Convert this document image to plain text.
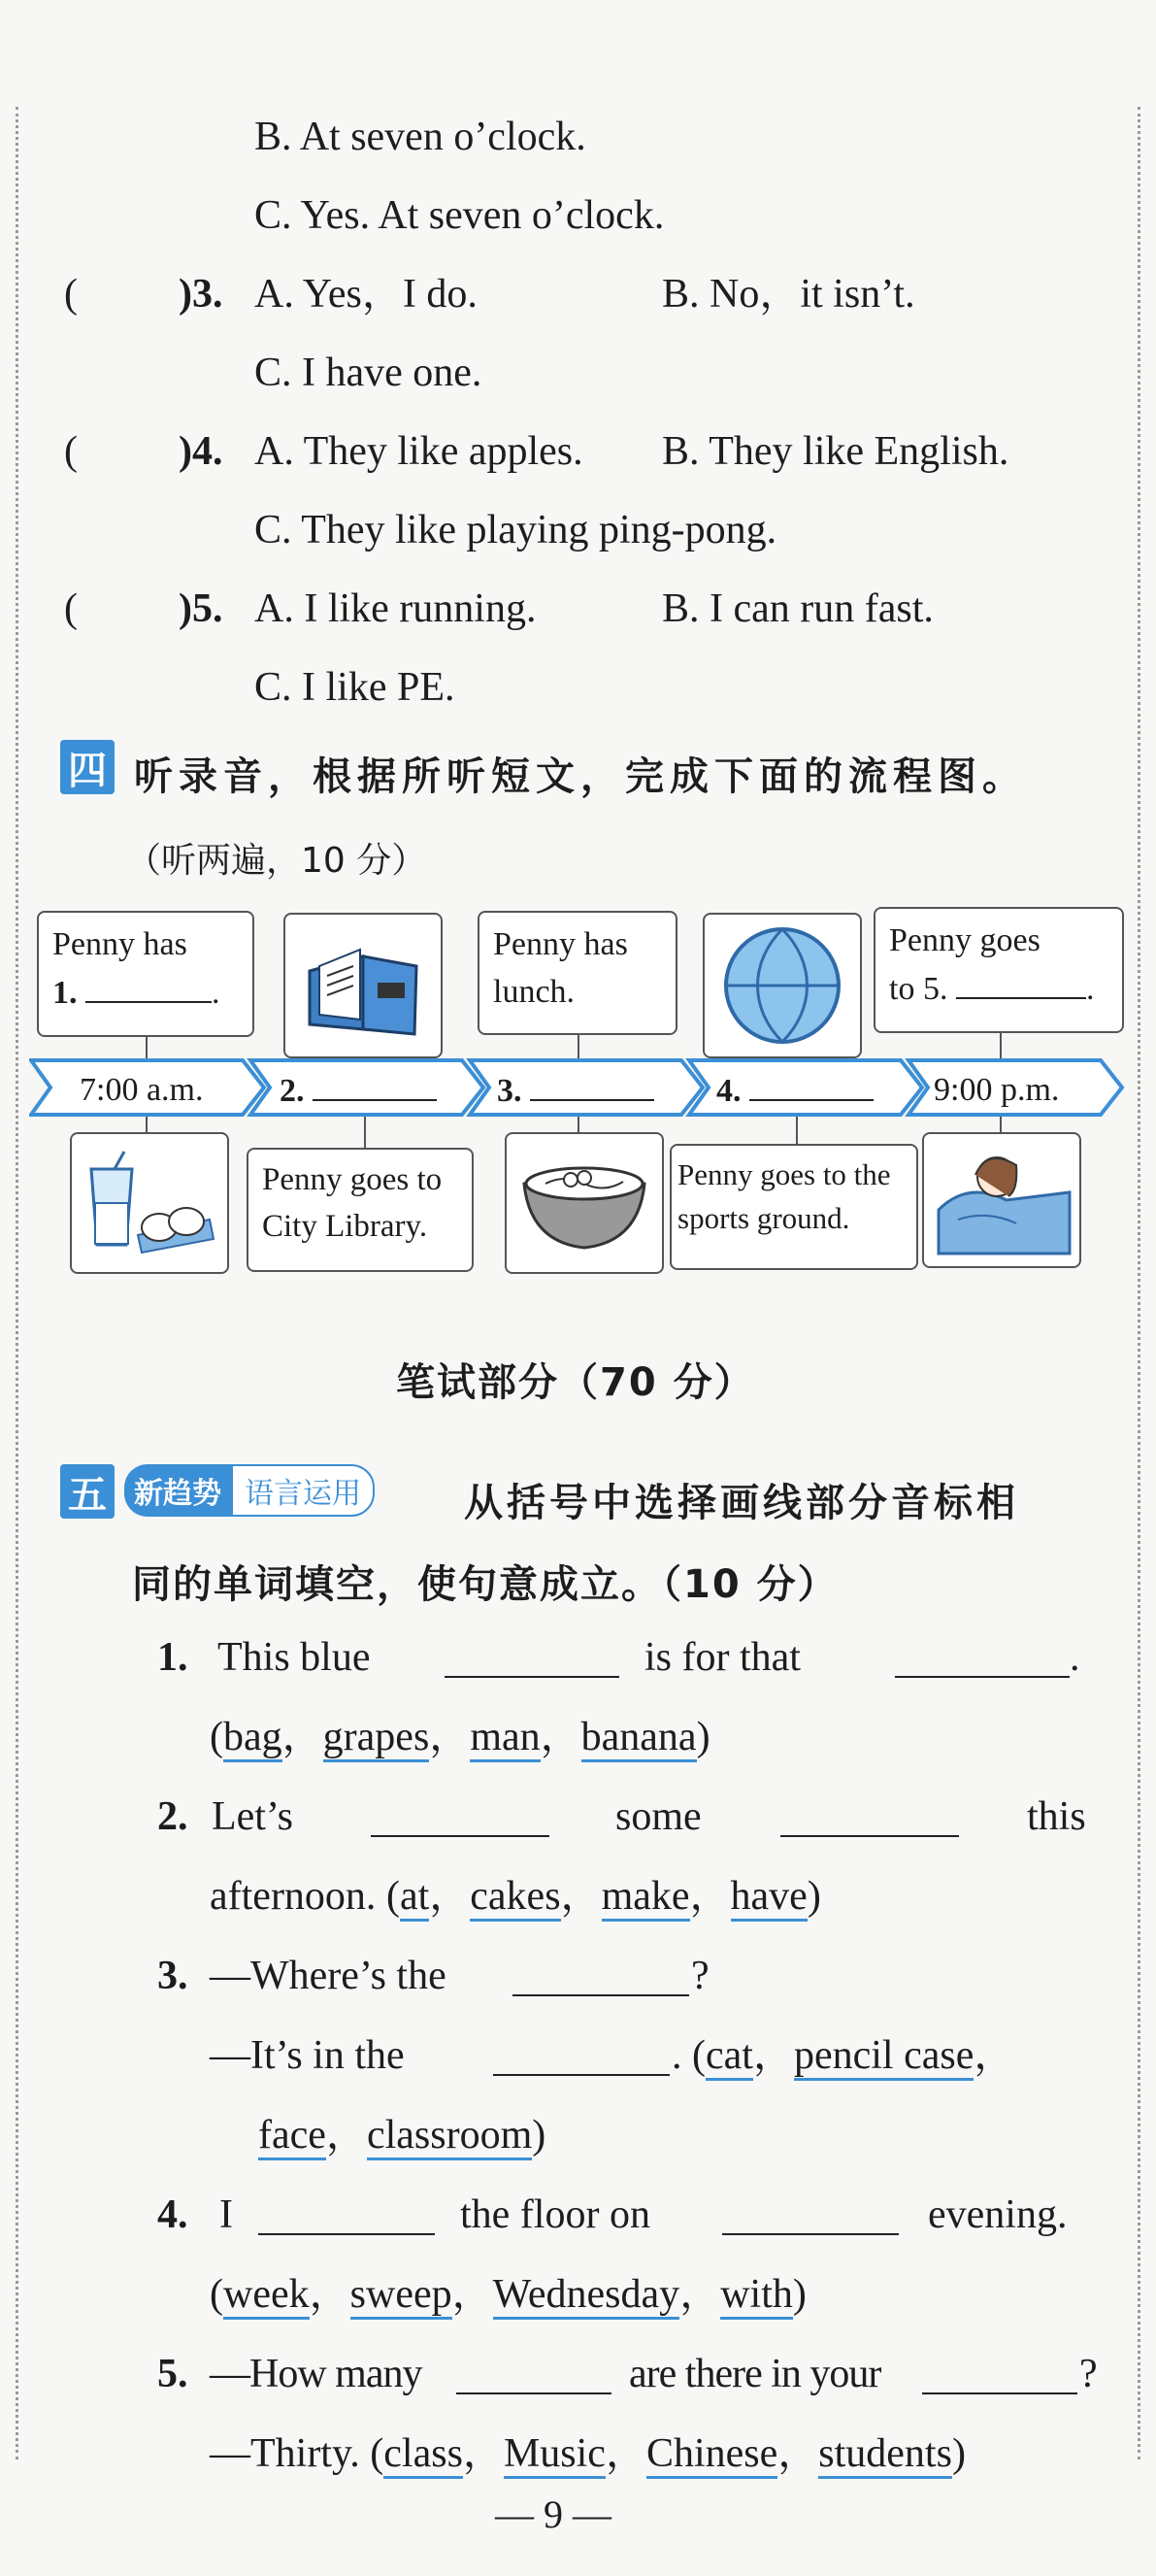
B. At seven o’clock.
C. Yes. At seven o’clock.
( )3. A. Yes，I do.	B. No，it isn’t.
C. I have one.
( )4. A. They like apples. B. They like English.
C. They like playing ping-pong.
( )5. A. I like running.	B. I can run fast.
C. I like PE.
四 听录音，根据所听短文，完成下面的流程图。
（听两遍，10 分）
Penny has
1.	.
Penny has
lunch.
Penny goes
to 5.	.
7:00 a.m. 2.	3.	4.	9:00 p.m.
Penny goes to
City Library.
Penny goes to the
sports ground.
笔试部分（70 分）
五 新趋势 语言运用	从括号中选择画线部分音标相
同的单词填空，使句意成立。（10 分）
1. This blue	is for that	.
(bag，grapes，man，banana)
2. Let’s	some	this
afternoon. (at，cakes，make，have)
3. —Where’s the	?
—It’s in the	. (cat，pencil case，
face，classroom)
4. I	the floor on	evening.
(week，sweep，Wednesday，with)
5. —How many	are there in your	?
—Thirty. (class，Music，Chinese，students)
— 9 —
